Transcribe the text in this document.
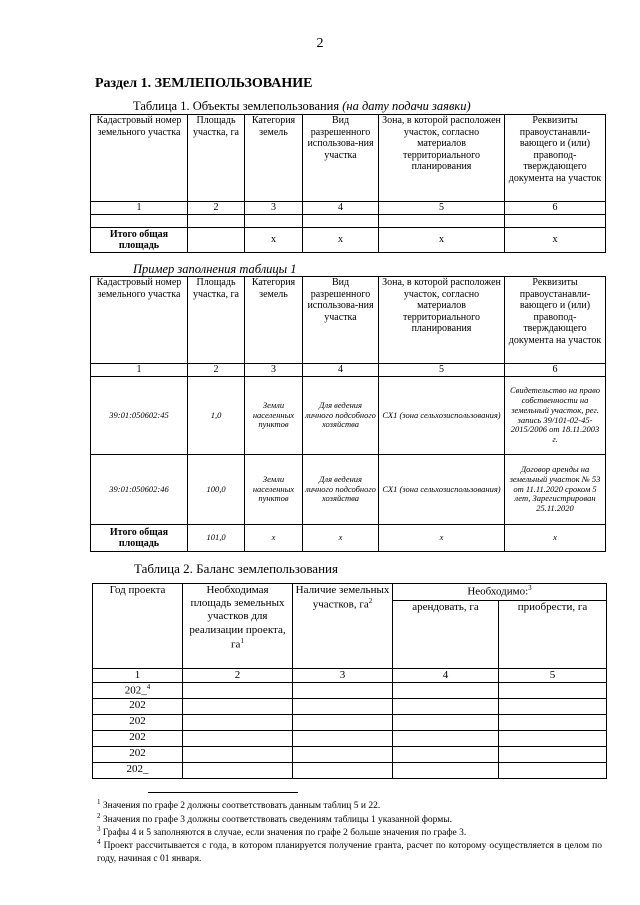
2
Раздел 1. ЗЕМЛЕПОЛЬЗОВАНИЕ
Таблица 1. Объекты землепользования (на дату подачи заявки)
Кадастровый номер земельного участка	Площадь участка, га	Категория земель	Вид разрешенного использова-ния участка	Зона, в которой расположен участок, согласно материалов территориального планирования	Реквизиты правоустанавли-вающего и (или) правопод-тверждающего документа на участок
1	2	3	4	5	6

Итого общая площадь		x	x	x	x
Пример заполнения таблицы 1
Кадастровый номер земельного участка	Площадь участка, га	Категория земель	Вид разрешенного использова-ния участка	Зона, в которой расположен участок, согласно материалов территориального планирования	Реквизиты правоустанавли-вающего и (или) правопод-тверждающего документа на участок
1	2	3	4	5	6
39:01:050602:45	1,0	Земли населенных пунктов	Для ведения личного подсобного хозяйства	СХ1 (зона сельхозиспользования)	Свидетельство на право собственности на земельный участок, рег. запись 39/101-02-45-2015/2006 от 18.11.2003 г.
39:01:050602:46	100,0	Земли населенных пунктов	Для ведения личного подсобного хозяйства	СХ1 (зона сельхозиспользования)	Договор аренды на земельный участок № 53 от 11.11.2020 сроком 5 лет, Зарегистрирован 25.11.2020
Итого общая площадь	101,0	x	x	x	x
Таблица 2. Баланс землепользования
Год проекта	Необходимая площадь земельных участков для реализации проекта, $га^1$	Наличие земельных участков, $га^2$	Необходимо:$^3$
			арендовать, га	приобрести, га
1	2	3	4	5
202_$^4$				
202				
202				
202				
202				
202_				
$^1$ Значения по графе 2 должны соответствовать данным таблиц 5 и 22.
$^2$ Значения по графе 3 должны соответствовать сведениям таблицы 1 указанной формы.
$^3$ Графы 4 и 5 заполняются в случае, если значения по графе 2 больше значения по графе 3.
$^4$ Проект рассчитывается с года, в котором планируется получение гранта, расчет по которому осуществляется в целом по году, начиная с 01 января.
